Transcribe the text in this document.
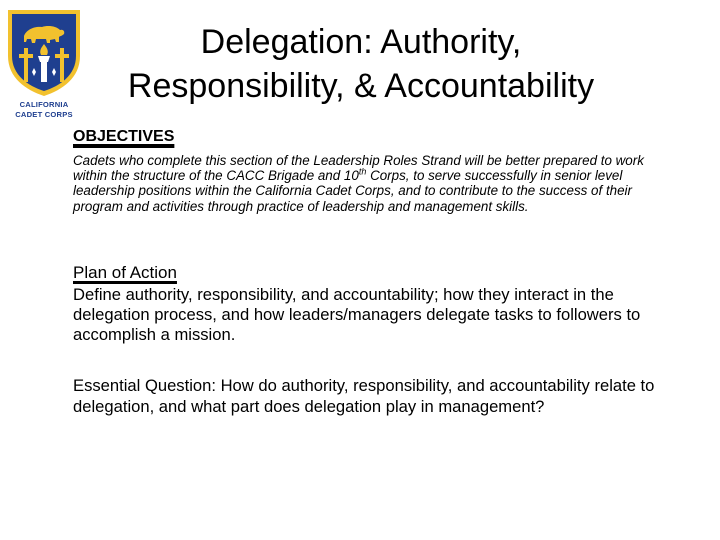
CALIFORNIA
CADET CORPS
Delegation: Authority,
Responsibility, & Accountability
OBJECTIVES
Cadets who complete this section of the Leadership Roles Strand will be better prepared to work within the structure of the CACC Brigade and 10th Corps, to serve successfully in senior level leadership positions within the California Cadet Corps, and to contribute to the success of their program and activities through practice of leadership and management skills.
Plan of Action
Define authority, responsibility, and accountability; how they interact in the delegation process, and how leaders/managers delegate tasks to followers to accomplish a mission.
Essential Question: How do authority, responsibility, and accountability relate to delegation, and what part does delegation play in management?
